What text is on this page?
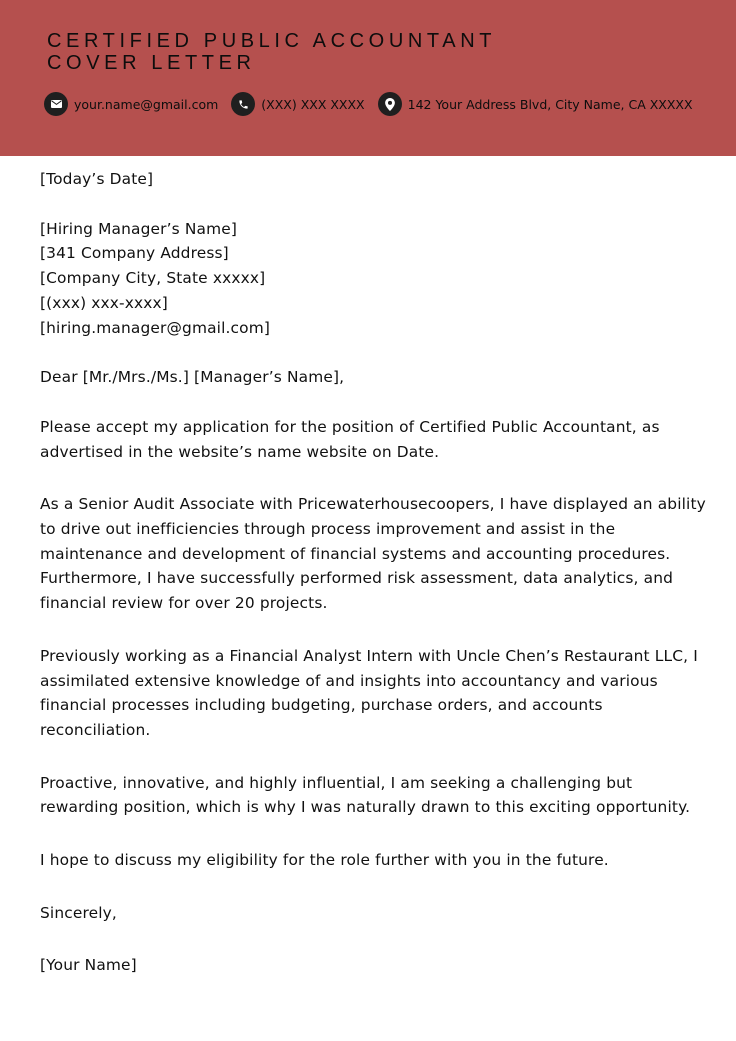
CERTIFIED PUBLIC ACCOUNTANT
COVER LETTER
your.name@gmail.com	(XXX) XXX XXXX	142 Your Address Blvd, City Name, CA XXXXX

[Today’s Date]

[Hiring Manager’s Name]

[341 Company Address]

[Company City, State xxxxx]

[(xxx) xxx-xxxx]

[hiring.manager@gmail.com]

Dear [Mr./Mrs./Ms.] [Manager’s Name],

Please accept my application for the position of Certified Public Accountant, as advertised in the website’s name website on Date.

As a Senior Audit Associate with Pricewaterhousecoopers, I have displayed an ability to drive out inefficiencies through process improvement and assist in the maintenance and development of financial systems and accounting procedures. Furthermore, I have successfully performed risk assessment, data analytics, and financial review for over 20 projects.

Previously working as a Financial Analyst Intern with Uncle Chen’s Restaurant LLC, I assimilated extensive knowledge of and insights into accountancy and various financial processes including budgeting, purchase orders, and accounts reconciliation.

Proactive, innovative, and highly influential, I am seeking a challenging but rewarding position, which is why I was naturally drawn to this exciting opportunity.

I hope to discuss my eligibility for the role further with you in the future.

Sincerely,

[Your Name]
